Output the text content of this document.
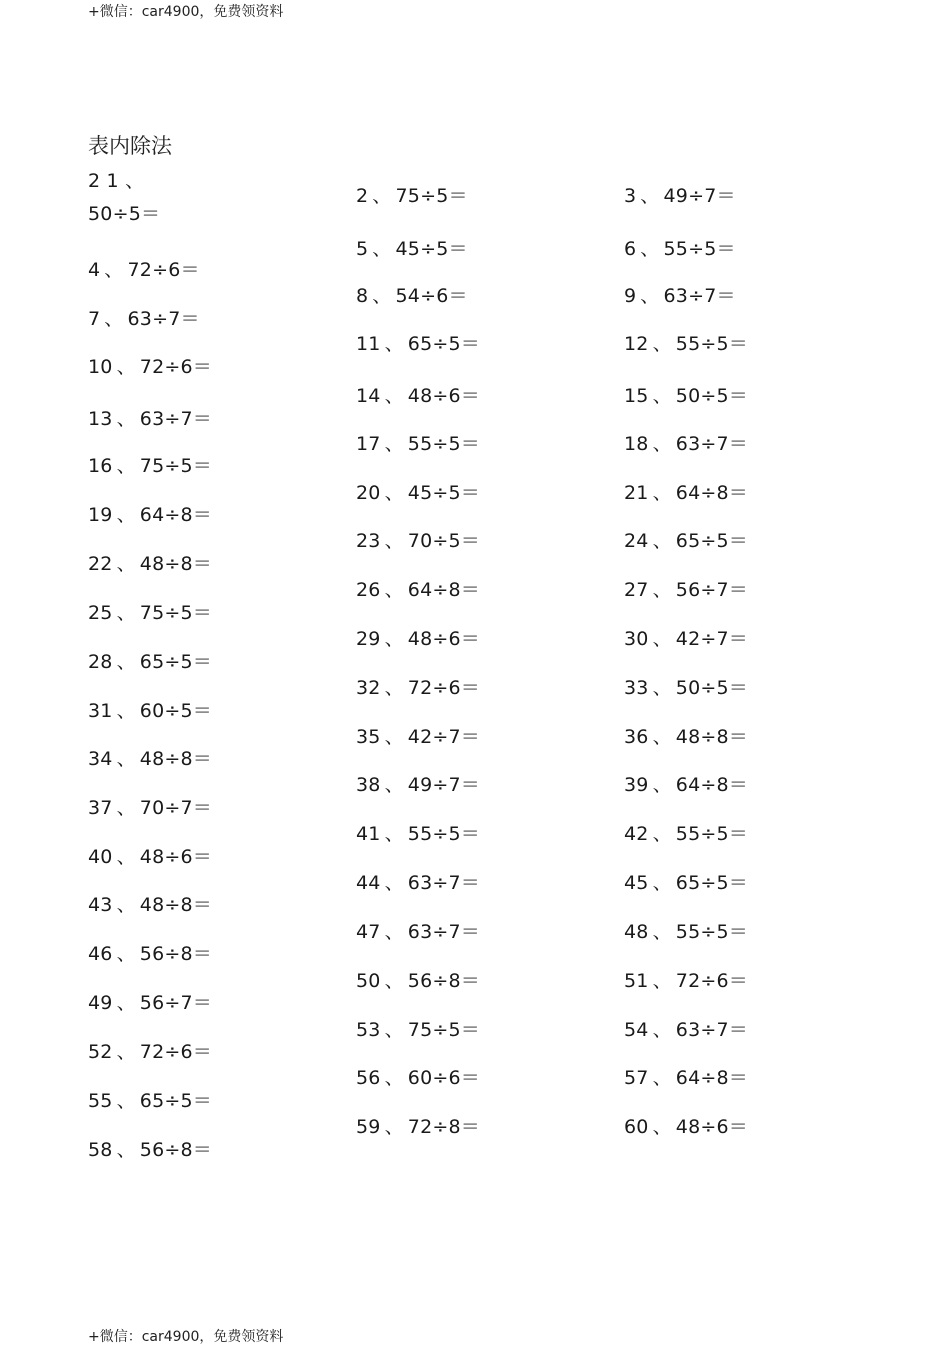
+微信：car4900，免费领资料
表内除法
2 1 、
50÷5＝
4 、 72÷6＝
7 、 63÷7＝
10 、 72÷6＝
13 、 63÷7＝
16 、 75÷5＝
19 、 64÷8＝
22 、 48÷8＝
25 、 75÷5＝
28 、 65÷5＝
31 、 60÷5＝
34 、 48÷8＝
37 、 70÷7＝
40 、 48÷6＝
43 、 48÷8＝
46 、 56÷8＝
49 、 56÷7＝
52 、 72÷6＝
55 、 65÷5＝
58 、 56÷8＝
2 、 75÷5＝
5 、 45÷5＝
8 、 54÷6＝
11 、 65÷5＝
14 、 48÷6＝
17 、 55÷5＝
20 、 45÷5＝
23 、 70÷5＝
26 、 64÷8＝
29 、 48÷6＝
32 、 72÷6＝
35 、 42÷7＝
38 、 49÷7＝
41 、 55÷5＝
44 、 63÷7＝
47 、 63÷7＝
50 、 56÷8＝
53 、 75÷5＝
56 、 60÷6＝
59 、 72÷8＝
3 、 49÷7＝
6 、 55÷5＝
9 、 63÷7＝
12 、 55÷5＝
15 、 50÷5＝
18 、 63÷7＝
21 、 64÷8＝
24 、 65÷5＝
27 、 56÷7＝
30 、 42÷7＝
33 、 50÷5＝
36 、 48÷8＝
39 、 64÷8＝
42 、 55÷5＝
45 、 65÷5＝
48 、 55÷5＝
51 、 72÷6＝
54 、 63÷7＝
57 、 64÷8＝
60 、 48÷6＝
+微信：car4900，免费领资料
